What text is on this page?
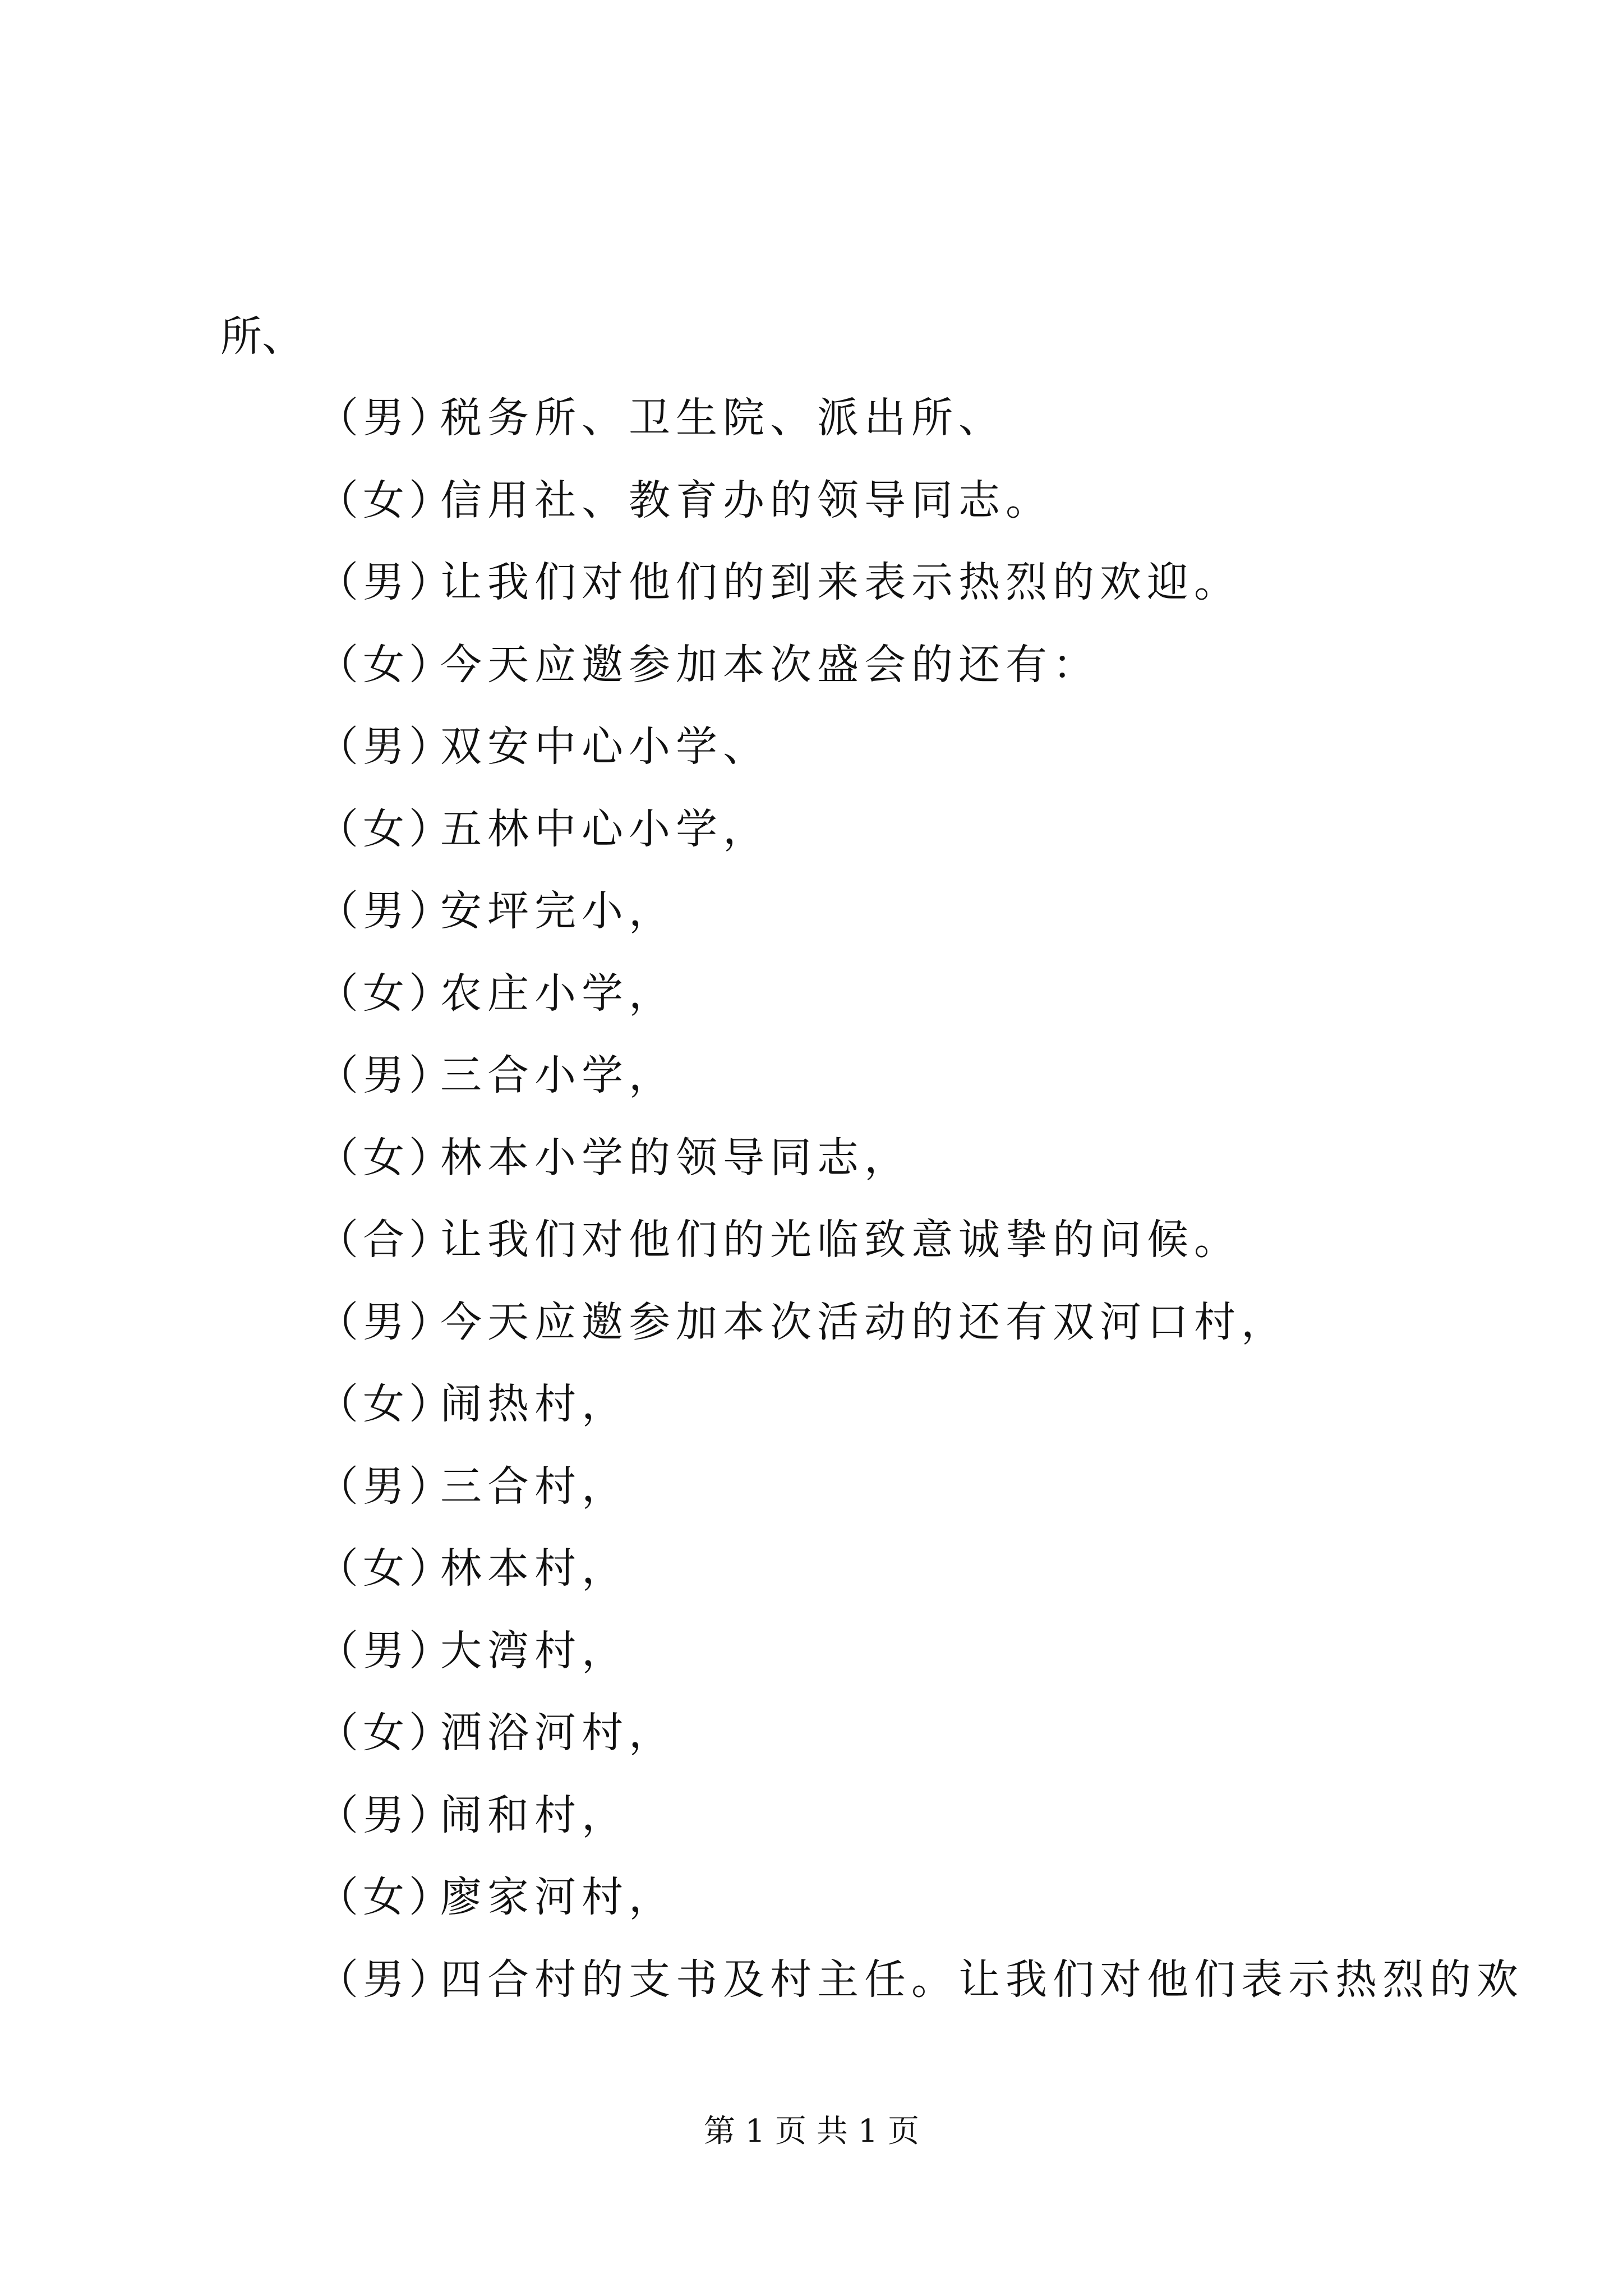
所、
（男）
税务所、卫生院、派出所、
（女）
信用社、教育办的领导同志。
（男）
让我们对他们的到来表示热烈的欢迎。
（女）
今天应邀参加本次盛会的还有：
（男）
双安中心小学、
（女）
五林中心小学，
（男）
安坪完小，
（女）
农庄小学，
（男）
三合小学，
（女）
林本小学的领导同志，
（合）
让我们对他们的光临致意诚挚的问候。
（男）
今天应邀参加本次活动的还有双河口村，
（女）
闹热村，
（男）
三合村，
（女）
林本村，
（男）
大湾村，
（女）
洒浴河村，
（男）
闹和村，
（女）
廖家河村，
（男）
四合村的支书及村主任。让我们对他们表示热烈的欢
第 1 页 共 1 页
